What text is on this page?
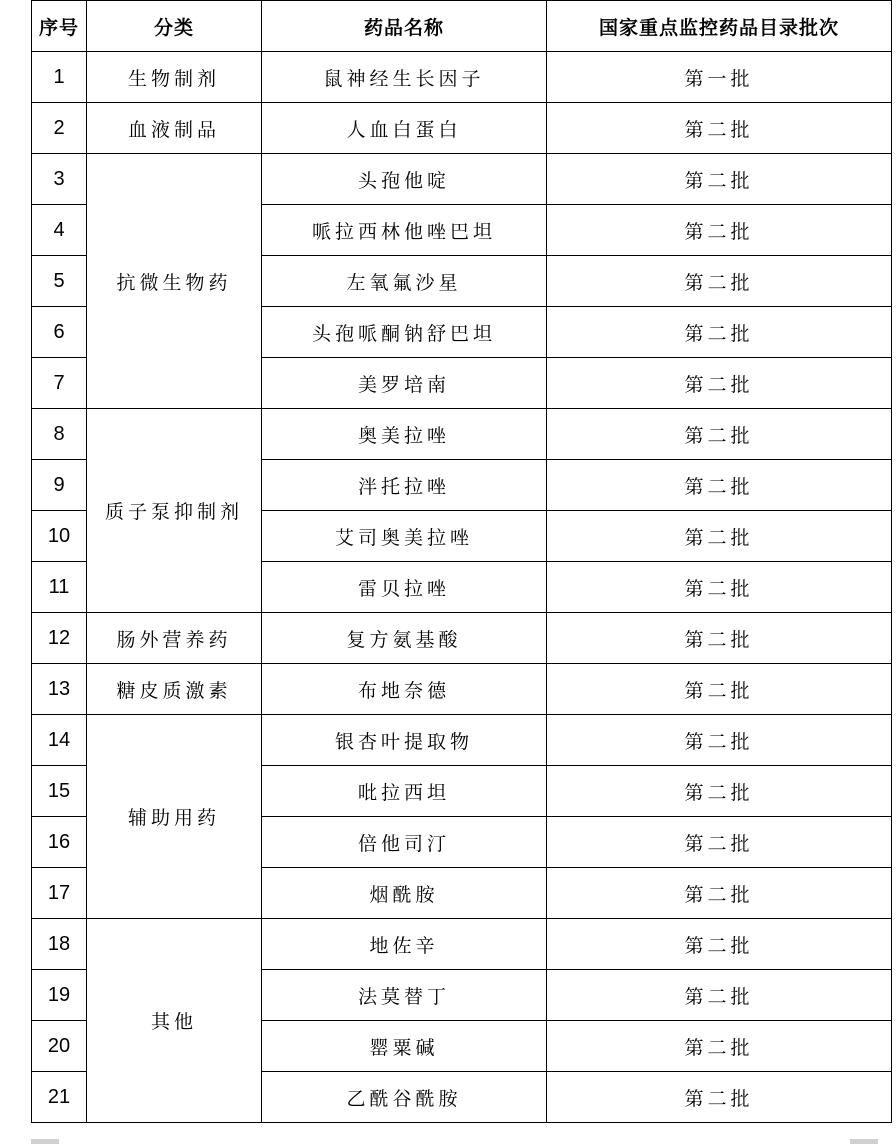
序号	分类	药品名称	国家重点监控药品目录批次
1	生物制剂	鼠神经生长因子	第一批
2	血液制品	人血白蛋白	第二批
3	抗微生物药	头孢他啶	第二批
4		哌拉西林他唑巴坦	第二批
5		左氧氟沙星	第二批
6		头孢哌酮钠舒巴坦	第二批
7		美罗培南	第二批
8	质子泵抑制剂	奥美拉唑	第二批
9		泮托拉唑	第二批
10		艾司奥美拉唑	第二批
11		雷贝拉唑	第二批
12	肠外营养药	复方氨基酸	第二批
13	糖皮质激素	布地奈德	第二批
14	辅助用药	银杏叶提取物	第二批
15		吡拉西坦	第二批
16		倍他司汀	第二批
17		烟酰胺	第二批
18	其他	地佐辛	第二批
19		法莫替丁	第二批
20		罂粟碱	第二批
21		乙酰谷酰胺	第二批
